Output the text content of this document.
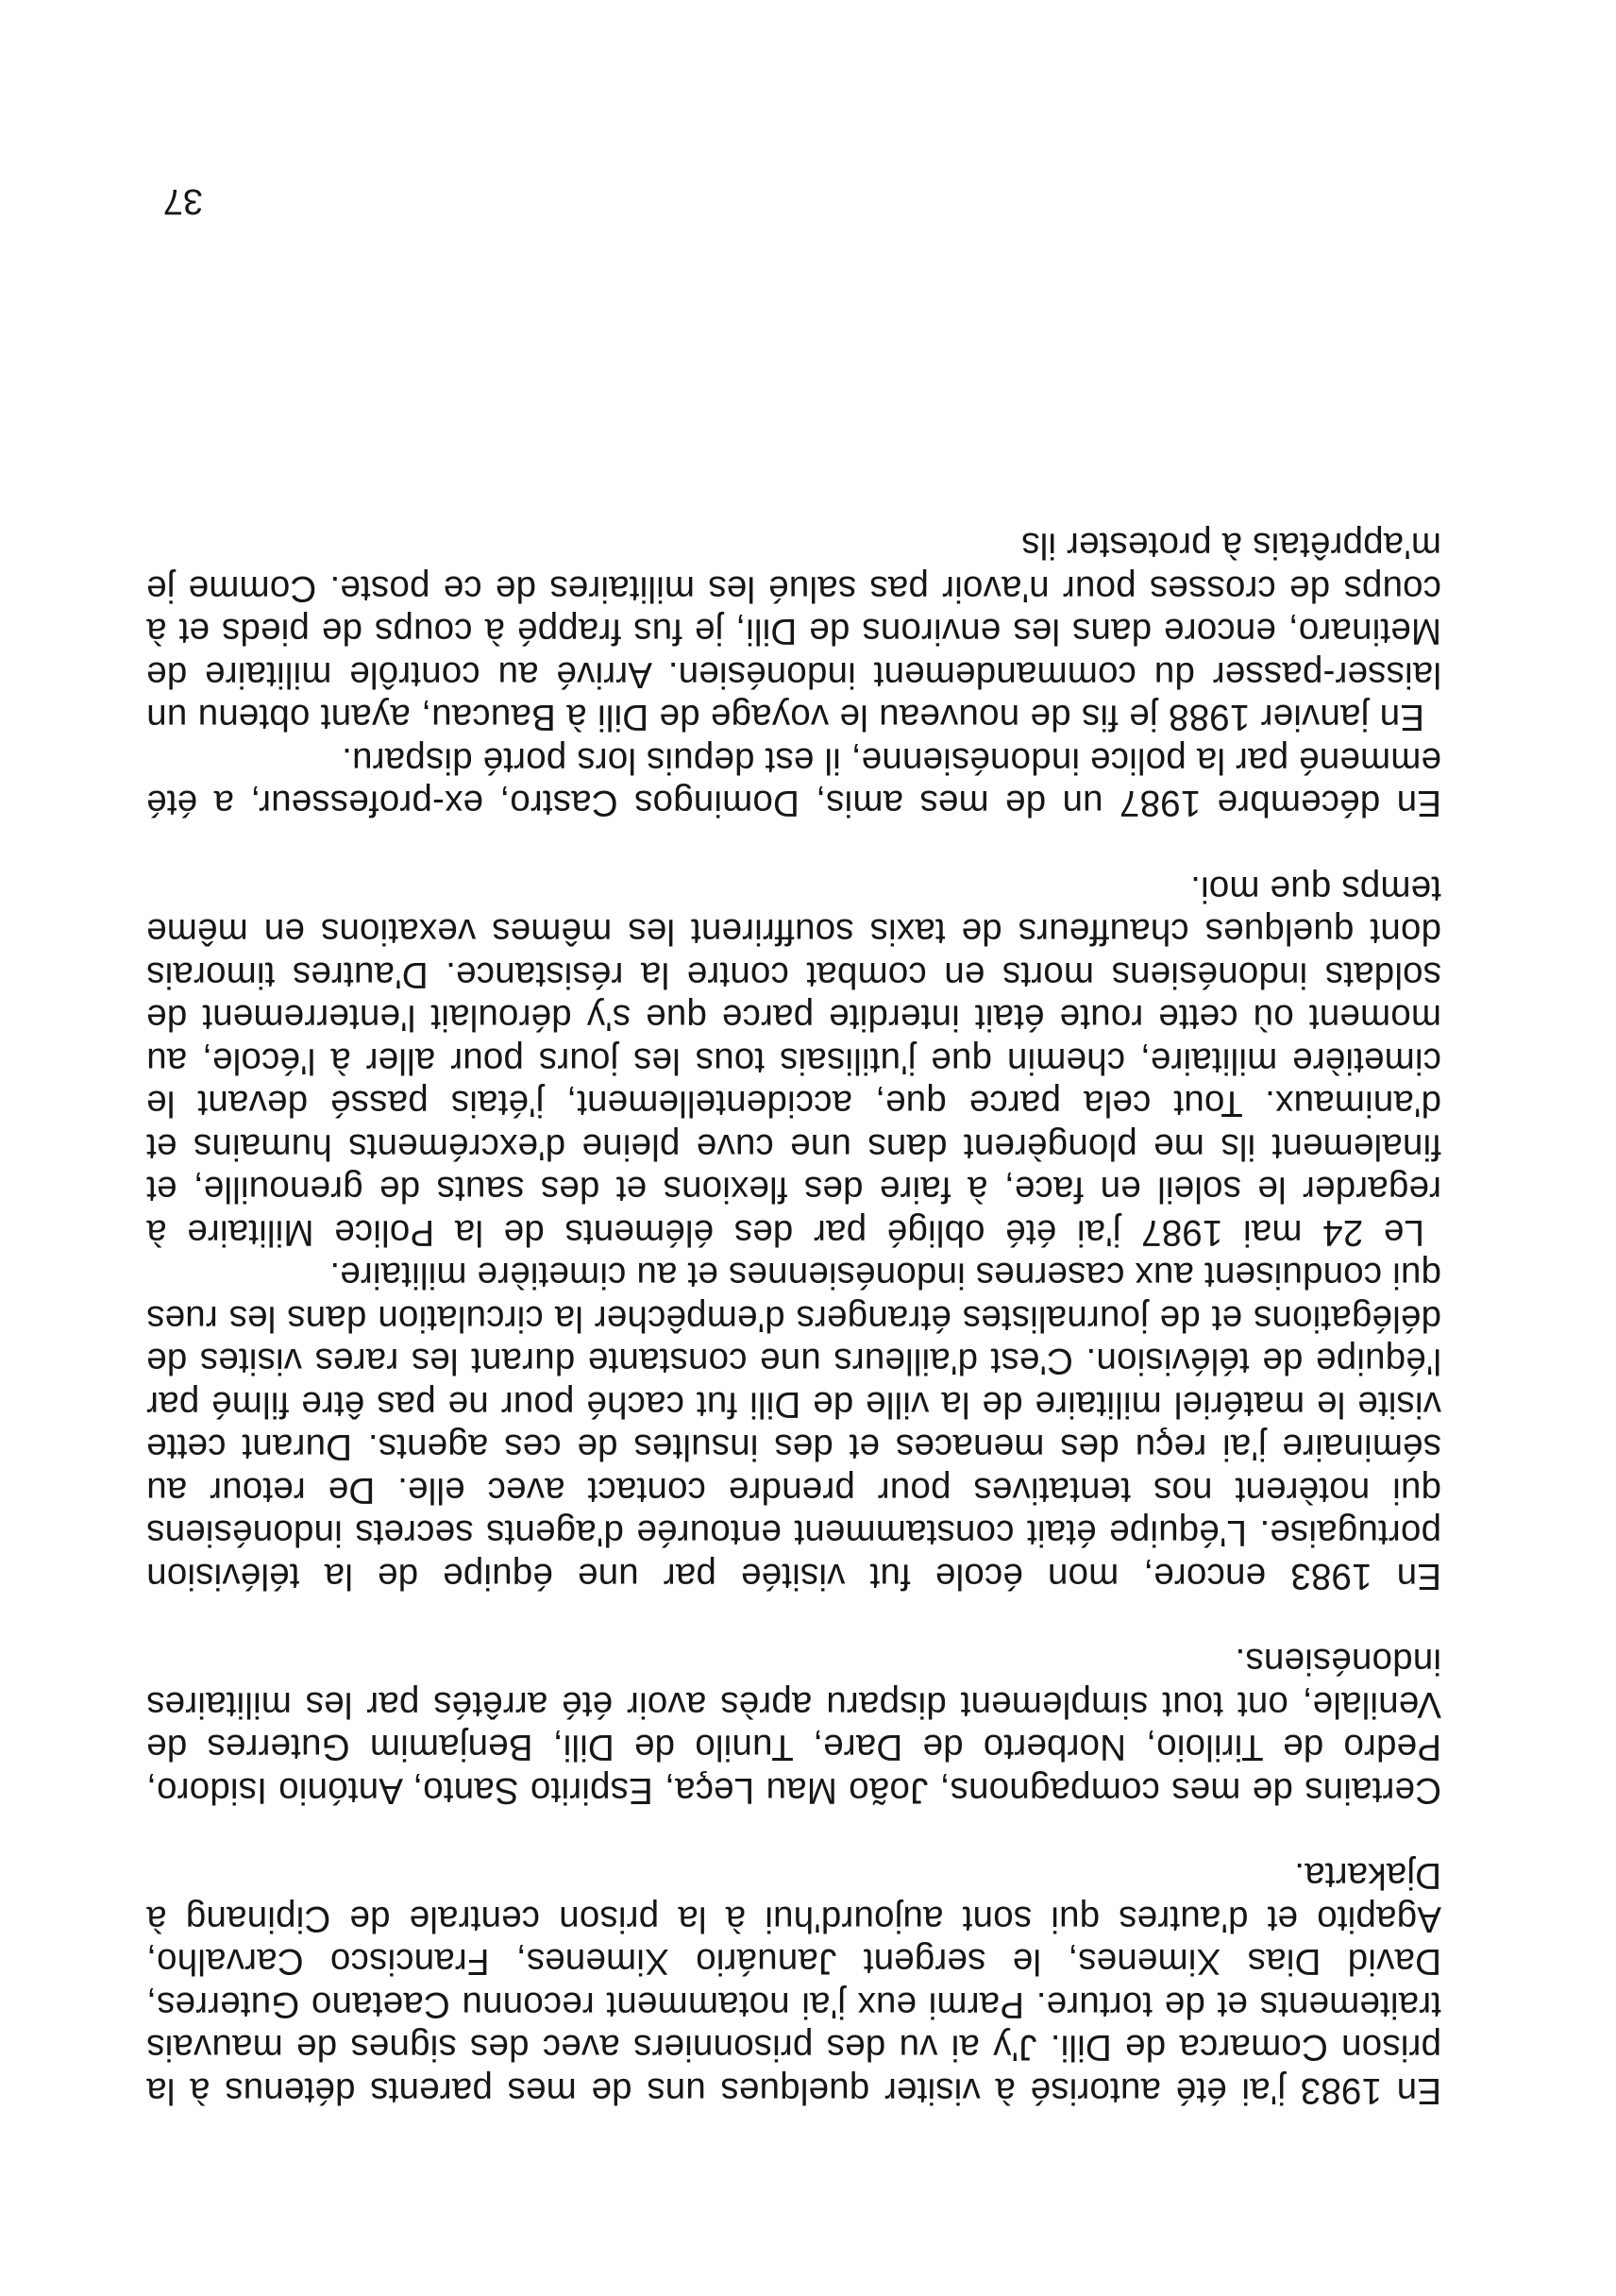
En 1983 j'ai été autorisé à visiter quelques uns de mes parents détenus à la prison Comarca de Dili. J'y ai vu des prisonniers avec des signes de mauvais traitements et de torture. Parmi eux j'ai notamment reconnu Caetano Guterres, David Dias Ximenes, le sergent Januário Ximenes, Francisco Carvalho, Agapito et d'autres qui sont aujourd'hui à la prison centrale de Cipinang à Djakarta.

Certains de mes compagnons, João Mau Leça, Espirito Santo, António Isidoro, Pedro de Tiriloio, Norberto de Dare, Tunilo de Dili, Benjamim Guterres de Venilale, ont tout simplement disparu après avoir été arrêtés par les militaires indonésiens.

En 1983 encore, mon école fut visitée par une équipe de la télévision portugaise. L'équipe était constamment entourée d'agents secrets indonésiens qui notèrent nos tentatives pour prendre contact avec elle. De retour au séminaire j'ai reçu des menaces et des insultes de ces agents. Durant cette visite le matériel militaire de la ville de Dili fut caché pour ne pas être filmé par l'équipe de télévision. C'est d'ailleurs une constante durant les rares visites de délégations et de journalistes étrangers d'empêcher la circulation dans les rues qui conduisent aux casernes indonésiennes et au cimetière militaire.

Le 24 mai 1987 j'ai été obligé par des éléments de la Police Militaire à regarder le soleil en face, à faire des flexions et des sauts de grenouille, et finalement ils me plongèrent dans une cuve pleine d'excréments humains et d'animaux. Tout cela parce que, accidentellement, j'étais passé devant le cimetière militaire, chemin que j'utilisais tous les jours pour aller à l'école, au moment où cette route était interdite parce que s'y déroulait l'enterrement de soldats indonésiens morts en combat contre la résistance. D'autres timorais dont quelques chauffeurs de taxis souffrirent les mêmes vexations en même temps que moi.

En décembre 1987 un de mes amis, Domingos Castro, ex-professeur, a été emmené par la police indonésienne, il est depuis lors porté disparu.

En janvier 1988 je fis de nouveau le voyage de Dili à Baucau, ayant obtenu un laisser-passer du commandement indonésien. Arrivé au contrôle militaire de Metinaro, encore dans les environs de Dili, je fus frappé à coups de pieds et à coups de crosses pour n'avoir pas salué les militaires de ce poste. Comme je m'apprêtais à protester ils

37
